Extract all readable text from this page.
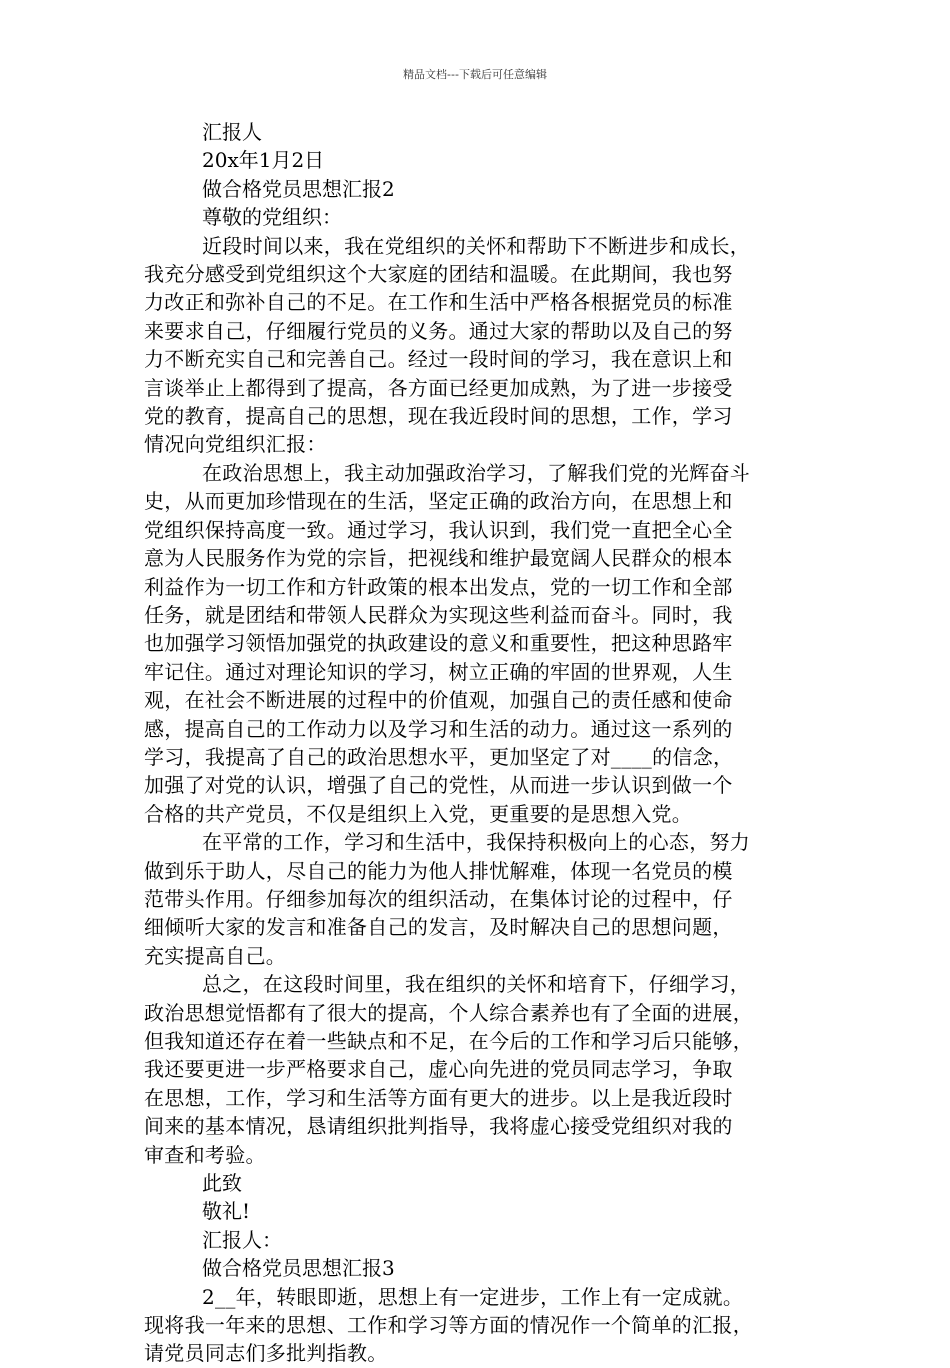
精品文档---下载后可任意编辑
汇报人
20x年1月2日
做合格党员思想汇报2
尊敬的党组织：
近段时间以来，我在党组织的关怀和帮助下不断进步和成长，
我充分感受到党组织这个大家庭的团结和温暖。在此期间，我也努
力改正和弥补自己的不足。在工作和生活中严格各根据党员的标准
来要求自己，仔细履行党员的义务。通过大家的帮助以及自己的努
力不断充实自己和完善自己。经过一段时间的学习，我在意识上和
言谈举止上都得到了提高，各方面已经更加成熟，为了进一步接受
党的教育，提高自己的思想，现在我近段时间的思想，工作，学习
情况向党组织汇报：
在政治思想上，我主动加强政治学习，了解我们党的光辉奋斗
史，从而更加珍惜现在的生活，坚定正确的政治方向，在思想上和
党组织保持高度一致。通过学习，我认识到，我们党一直把全心全
意为人民服务作为党的宗旨，把视线和维护最宽阔人民群众的根本
利益作为一切工作和方针政策的根本出发点，党的一切工作和全部
任务，就是团结和带领人民群众为实现这些利益而奋斗。同时，我
也加强学习领悟加强党的执政建设的意义和重要性，把这种思路牢
牢记住。通过对理论知识的学习，树立正确的牢固的世界观，人生
观，在社会不断进展的过程中的价值观，加强自己的责任感和使命
感，提高自己的工作动力以及学习和生活的动力。通过这一系列的
学习，我提高了自己的政治思想水平，更加坚定了对____的信念，
加强了对党的认识，增强了自己的党性，从而进一步认识到做一个
合格的共产党员，不仅是组织上入党，更重要的是思想入党。
在平常的工作，学习和生活中，我保持积极向上的心态，努力
做到乐于助人，尽自己的能力为他人排忧解难，体现一名党员的模
范带头作用。仔细参加每次的组织活动，在集体讨论的过程中，仔
细倾听大家的发言和准备自己的发言，及时解决自己的思想问题，
充实提高自己。
总之，在这段时间里，我在组织的关怀和培育下，仔细学习，
政治思想觉悟都有了很大的提高，个人综合素养也有了全面的进展，
但我知道还存在着一些缺点和不足，在今后的工作和学习后只能够，
我还要更进一步严格要求自己，虚心向先进的党员同志学习，争取
在思想，工作，学习和生活等方面有更大的进步。以上是我近段时
间来的基本情况，恳请组织批判指导，我将虚心接受党组织对我的
审查和考验。
此致
敬礼!
汇报人：
做合格党员思想汇报3
2__年，转眼即逝，思想上有一定进步，工作上有一定成就。
现将我一年来的思想、工作和学习等方面的情况作一个简单的汇报，
请党员同志们多批判指教。
